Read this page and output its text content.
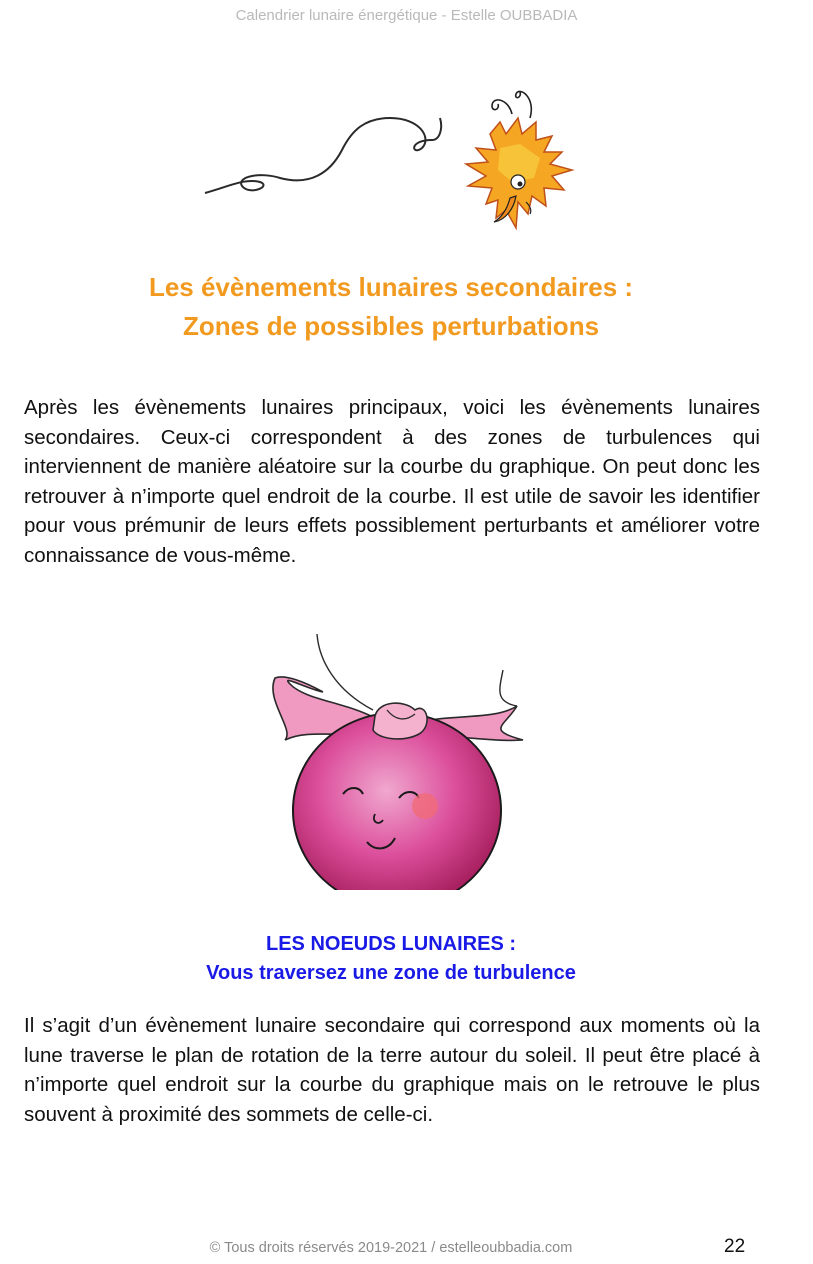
Calendrier lunaire énergétique - Estelle OUBBADIA
Les évènements lunaires secondaires :
Zones de possibles perturbations

Après les évènements lunaires principaux, voici les évènements lunaires secondaires. Ceux-ci correspondent à des zones de turbulences qui interviennent de manière aléatoire sur la courbe du graphique. On peut donc les retrouver à n’importe quel endroit de la courbe. Il est utile de savoir les identifier pour vous prémunir de leurs effets possiblement perturbants et améliorer votre connaissance de vous-même.

LES NOEUDS LUNAIRES :
Vous traversez une zone de turbulence

Il s’agit d’un évènement lunaire secondaire qui correspond aux moments où la lune traverse le plan de rotation de la terre autour du soleil. Il peut être placé à n’importe quel endroit sur la courbe du graphique mais on le retrouve le plus souvent à proximité des sommets de celle-ci.

© Tous droits réservés 2019-2021 / estelleoubbadia.com	22
